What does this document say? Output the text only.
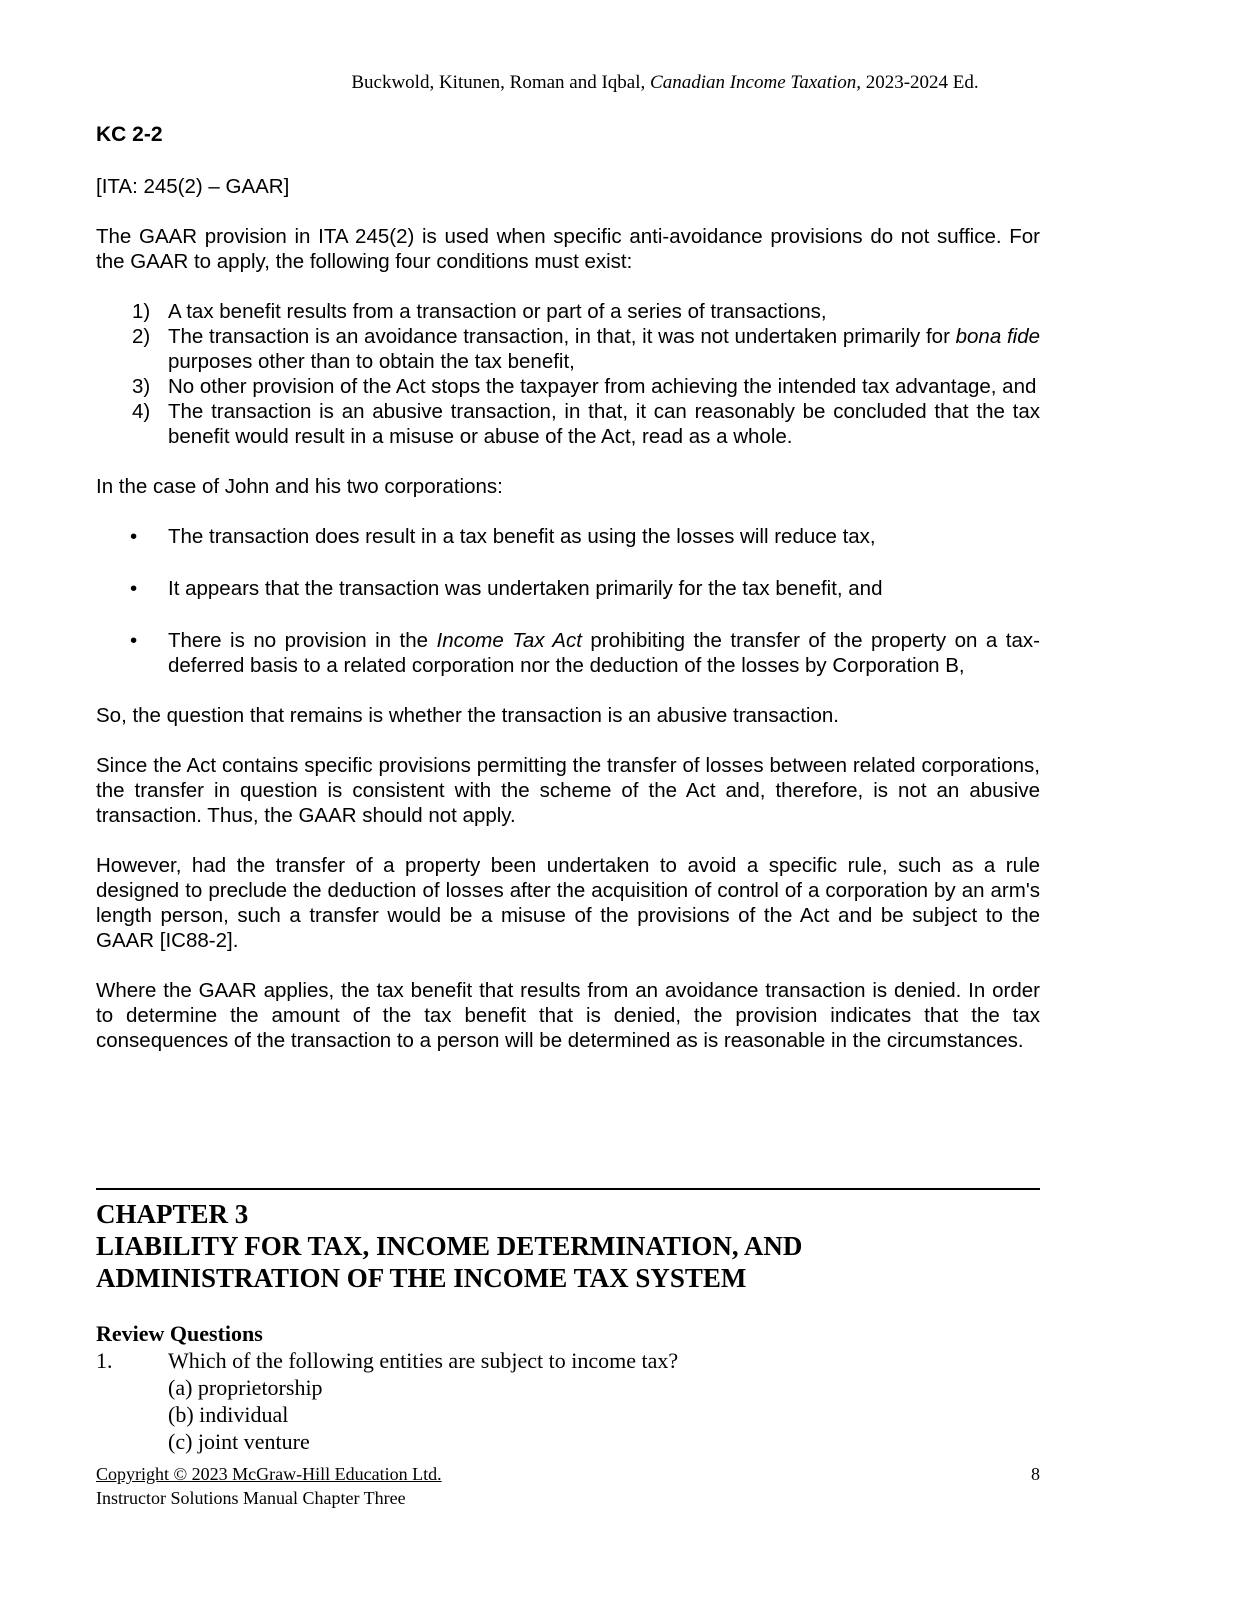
Buckwold, Kitunen, Roman and Iqbal, Canadian Income Taxation, 2023-2024 Ed.
KC 2-2
[ITA: 245(2) – GAAR]

The GAAR provision in ITA 245(2) is used when specific anti-avoidance provisions do not suffice. For the GAAR to apply, the following four conditions must exist:

1) A tax benefit results from a transaction or part of a series of transactions,
2) The transaction is an avoidance transaction, in that, it was not undertaken primarily for bona fide purposes other than to obtain the tax benefit,
3) No other provision of the Act stops the taxpayer from achieving the intended tax advantage, and
4) The transaction is an abusive transaction, in that, it can reasonably be concluded that the tax benefit would result in a misuse or abuse of the Act, read as a whole.

In the case of John and his two corporations:

• The transaction does result in a tax benefit as using the losses will reduce tax,
• It appears that the transaction was undertaken primarily for the tax benefit, and
• There is no provision in the Income Tax Act prohibiting the transfer of the property on a tax-deferred basis to a related corporation nor the deduction of the losses by Corporation B,

So, the question that remains is whether the transaction is an abusive transaction.

Since the Act contains specific provisions permitting the transfer of losses between related corporations, the transfer in question is consistent with the scheme of the Act and, therefore, is not an abusive transaction. Thus, the GAAR should not apply.

However, had the transfer of a property been undertaken to avoid a specific rule, such as a rule designed to preclude the deduction of losses after the acquisition of control of a corporation by an arm's length person, such a transfer would be a misuse of the provisions of the Act and be subject to the GAAR [IC88-2].

Where the GAAR applies, the tax benefit that results from an avoidance transaction is denied. In order to determine the amount of the tax benefit that is denied, the provision indicates that the tax consequences of the transaction to a person will be determined as is reasonable in the circumstances.

CHAPTER 3
LIABILITY FOR TAX, INCOME DETERMINATION, AND
ADMINISTRATION OF THE INCOME TAX SYSTEM
Review Questions
1.	Which of the following entities are subject to income tax?
(a) proprietorship
(b) individual
(c) joint venture
Copyright © 2023 McGraw-Hill Education Ltd.
Instructor Solutions Manual Chapter Three
8
